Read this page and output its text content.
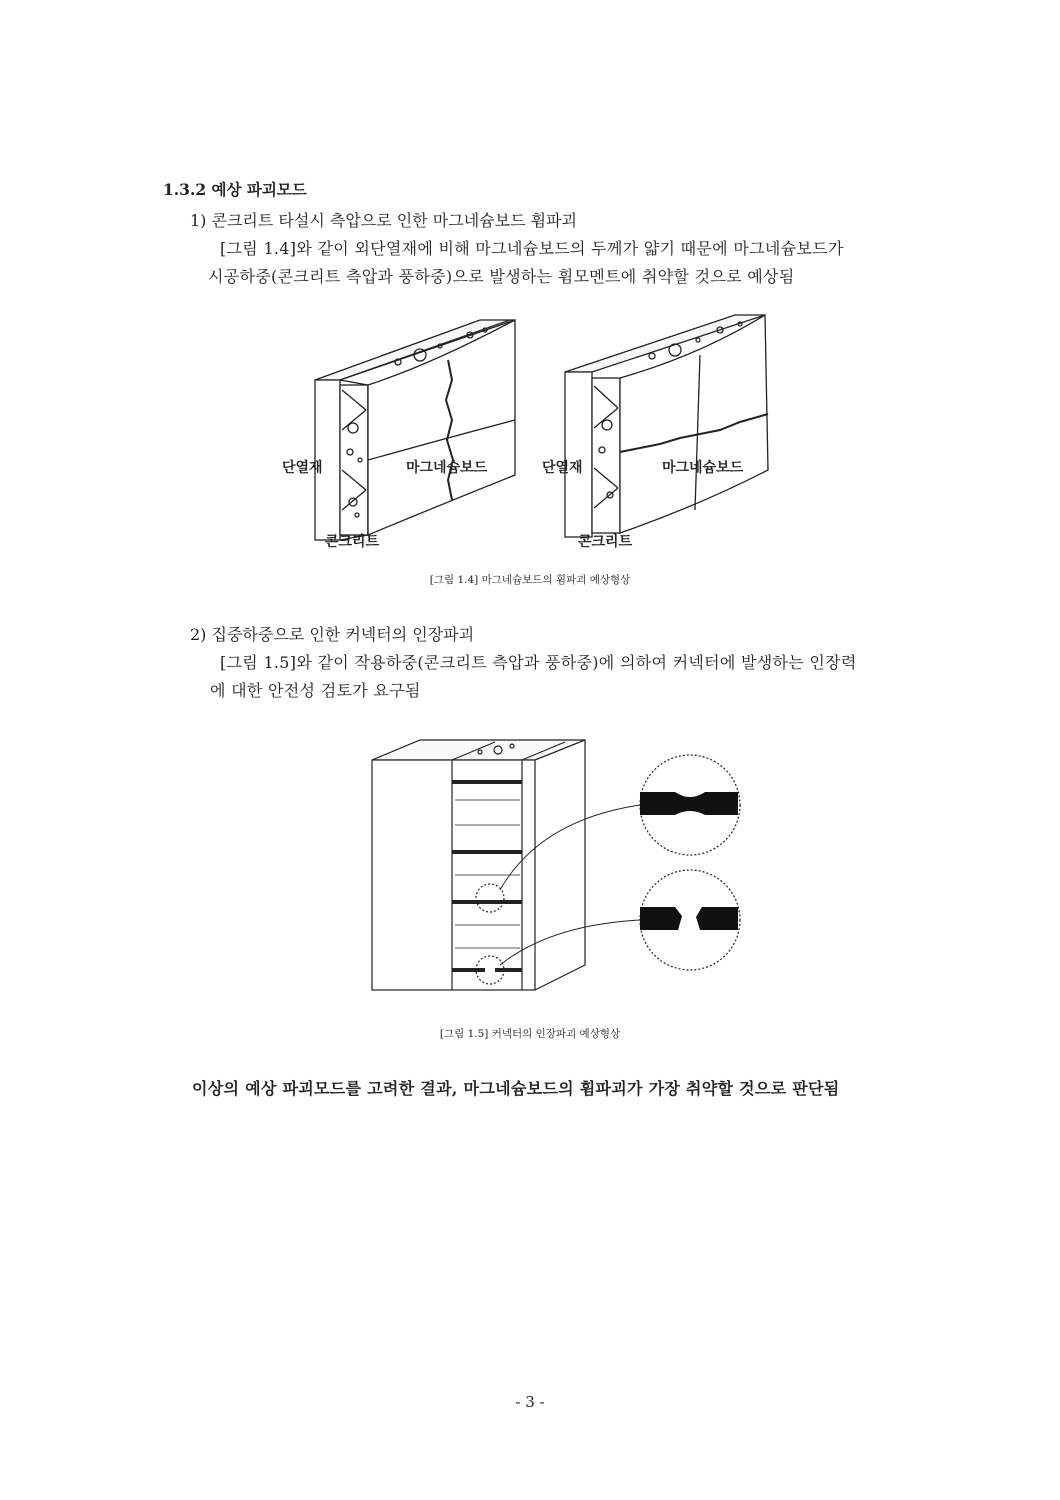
1.3.2 예상 파괴모드
1) 콘크리트 타설시 측압으로 인한 마그네슘보드 휨파괴
[그림 1.4]와 같이 외단열재에 비해 마그네슘보드의 두께가 얇기 때문에 마그네슘보드가
시공하중(콘크리트 측압과 풍하중)으로 발생하는 휨모멘트에 취약할 것으로 예상됨
단열재	마그네슘보드
콘크리트
단열재	마그네슘보드
콘크리트
[그림 1.4] 마그네슘보드의 휨파괴 예상형상
2) 집중하중으로 인한 커넥터의 인장파괴
[그림 1.5]와 같이 작용하중(콘크리트 측압과 풍하중)에 의하여 커넥터에 발생하는 인장력
에 대한 안전성 검토가 요구됨
[그림 1.5] 커넥터의 인장파괴 예상형상
이상의 예상 파괴모드를 고려한 결과, 마그네슘보드의 휨파괴가 가장 취약할 것으로 판단됨
- 3 -
